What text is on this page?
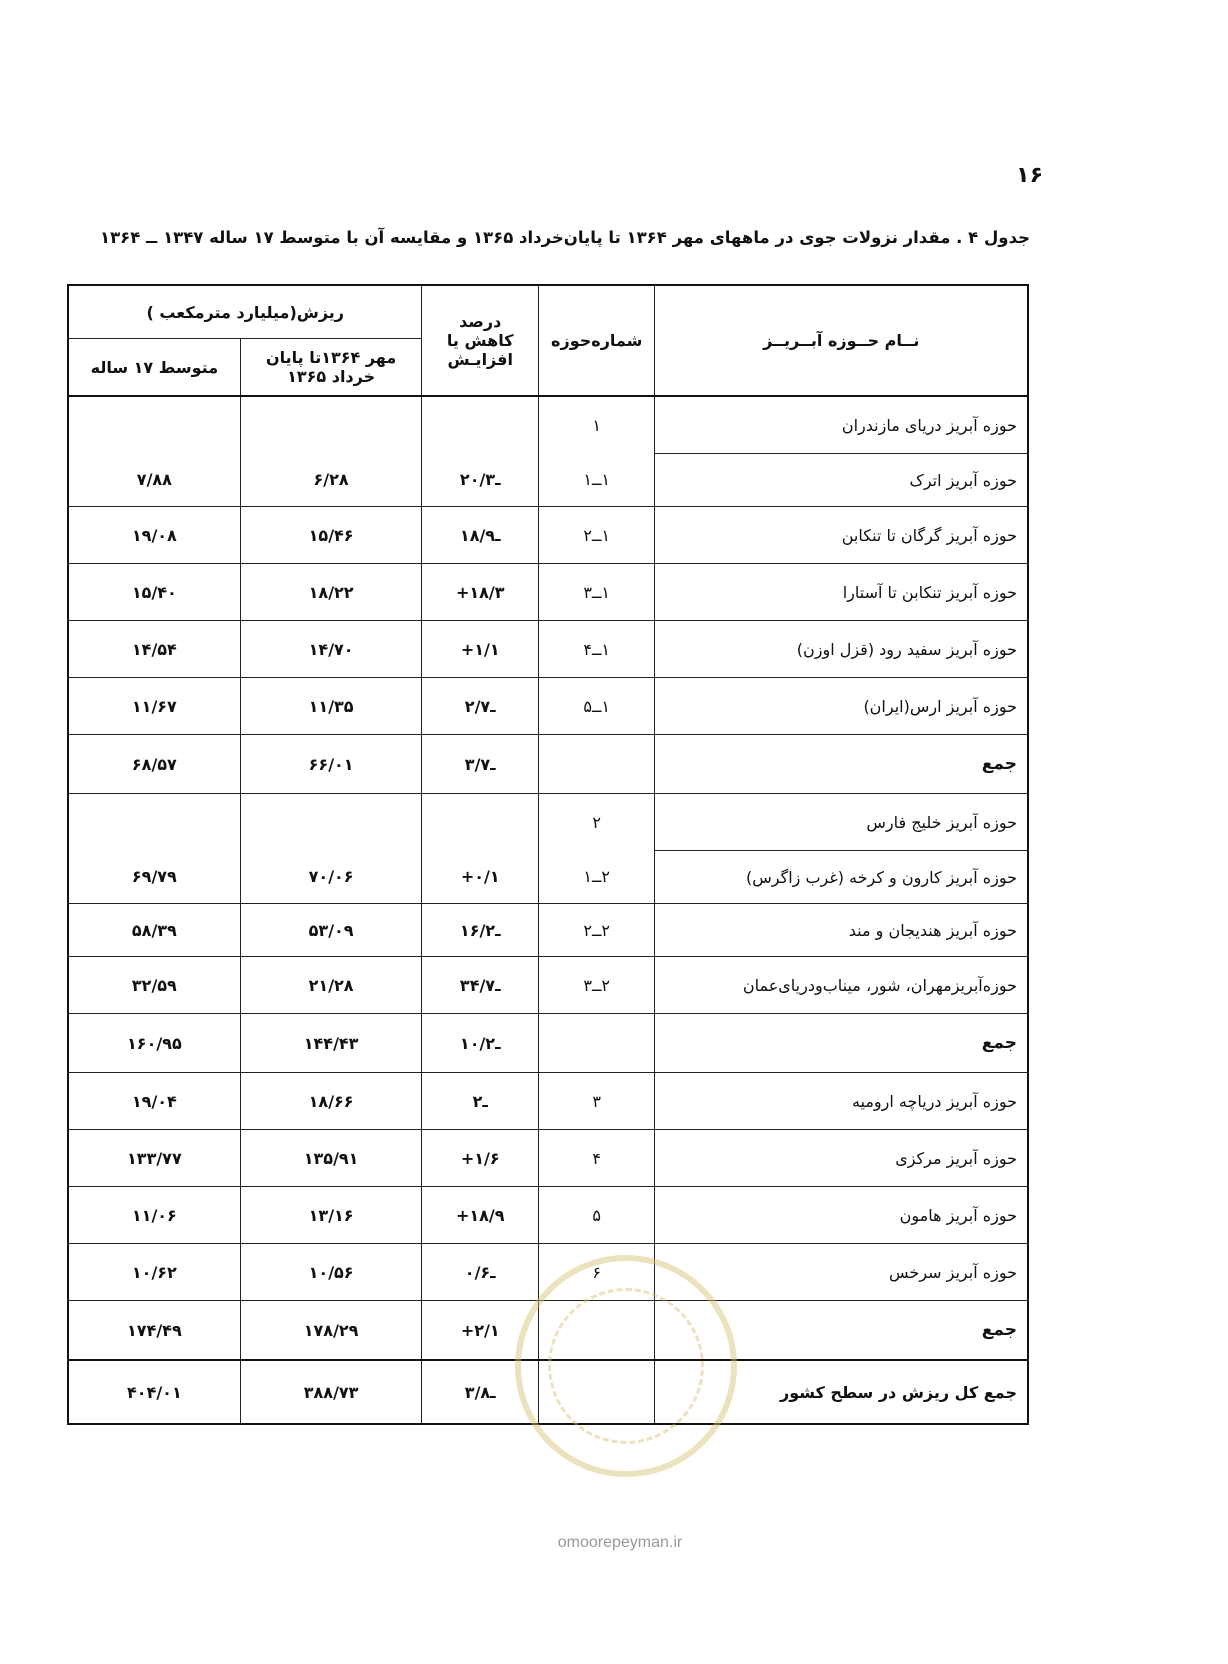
۱۶
جدول ۴ . مقدار نزولات جوی در ماههای مهر ۱۳۶۴ تا پایان‌خرداد ۱۳۶۵ و مقایسه آن با متوسط ۱۷ ساله ۱۳۴۷ ــ ۱۳۶۴
نــام حــوزه آبــریــز	شماره‌حوزه	درصد کاهش یا افزایـش	ریزش(میلیارد مترمکعب )	
			مهر ۱۳۶۴تا پایان خرداد ۱۳۶۵	متوسط ۱۷ ساله
حوزه آبریز دریای مازندران	۱			
حوزه آبریز اترک	۱ــ۱	ـ۲۰/۳	۶/۲۸	۷/۸۸
حوزه آبریز گرگان تا تنکابن	۱ــ۲	ـ۱۸/۹	۱۵/۴۶	۱۹/۰۸
حوزه آبریز تنکابن تا آستارا	۱ــ۳	+۱۸/۳	۱۸/۲۲	۱۵/۴۰
حوزه آبریز سفید رود (قزل اوزن)	۱ــ۴	+۱/۱	۱۴/۷۰	۱۴/۵۴
حوزه آبریز ارس(ایران)	۱ــ۵	ـ۲/۷	۱۱/۳۵	۱۱/۶۷
جمع		ـ۳/۷	۶۶/۰۱	۶۸/۵۷
حوزه آبریز خلیج فارس	۲			
حوزه آبریز کارون و کرخه (غرب زاگرس)	۲ــ۱	+۰/۱	۷۰/۰۶	۶۹/۷۹
حوزه آبریز هندیجان و مند	۲ــ۲	ـ۱۶/۲	۵۳/۰۹	۵۸/۳۹
حوزه‌آبریزمهران، شور، میناب‌ودریای‌عمان	۲ــ۳	ـ۳۴/۷	۲۱/۲۸	۳۲/۵۹
جمع		ـ۱۰/۲	۱۴۴/۴۳	۱۶۰/۹۵
حوزه آبریز دریاچه ارومیه	۳	ـ۲	۱۸/۶۶	۱۹/۰۴
حوزه آبریز مرکزی	۴	+۱/۶	۱۳۵/۹۱	۱۳۳/۷۷
حوزه آبریز هامون	۵	+۱۸/۹	۱۳/۱۶	۱۱/۰۶
حوزه آبریز سرخس	۶	ـ۰/۶	۱۰/۵۶	۱۰/۶۲
جمع		+۲/۱	۱۷۸/۲۹	۱۷۴/۴۹
جمع کل ریزش در سطح کشور		ـ۳/۸	۳۸۸/۷۳	۴۰۴/۰۱
omoorepeyman.ir
